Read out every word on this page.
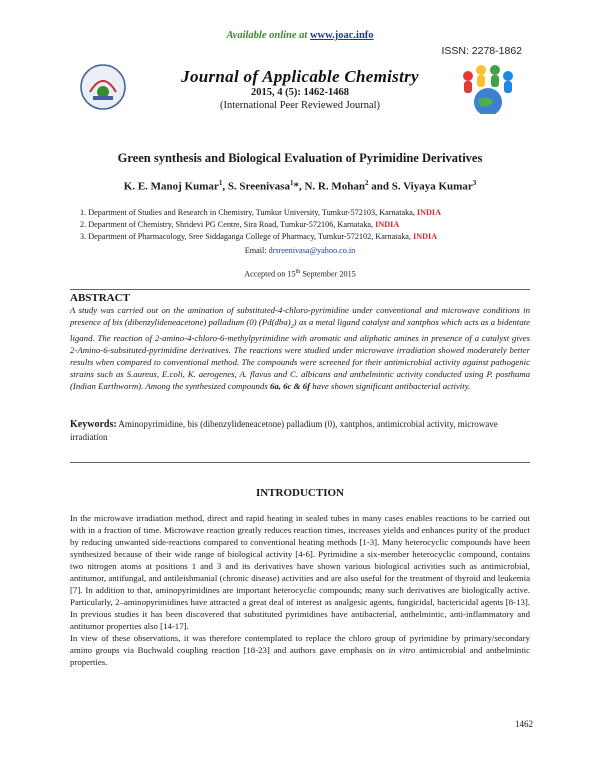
Available online at www.joac.info
ISSN: 2278-1862
Journal of Applicable Chemistry
2015, 4 (5): 1462-1468
(International Peer Reviewed Journal)
Green synthesis and Biological Evaluation of Pyrimidine Derivatives
K. E. Manoj Kumar$^1$, S. Sreenivasa$^1$*, N. R. Mohan$^2$ and S. Viyaya Kumar$^3$
1. Department of Studies and Research in Chemistry, Tumkur University, Tumkur-572103, Karnataka, INDIA
2. Department of Chemistry, Shridevi PG Centre, Sira Road, Tumkur-572106, Karnataka, INDIA
3. Department of Pharmacology, Sree Siddaganga College of Pharmacy, Tumkur-572102, Karnataka, INDIA
Email: drsreenivasa@yahoo.co.in
Accepted on 15th September 2015
ABSTRACT
A study was carried out on the amination of substituted-4-chloro-pyrimidine under conventional and microwave conditions in presence of bis (dibenzylideneacetone) palladium (0) $(Pd(dba)_2)$ as a metal ligand catalyst and xantphos which acts as a bidentate ligand. The reaction of 2-amino-4-chloro-6-methylpyrimidine with aromatic and aliphatic amines in presence of a catalyst gives 2-Amino-6-subsituted-pyrimidine derivatives. The reactions were studied under microwave irradiation showed moderately better results when compared to conventional method. The compounds were screened for their antimicrobial activity against pathogenic strains such as S.aureus, E.coli, K. aerogenes, A. flavus and C. albicans and anthelmintic activity conducted using P. posthuma (Indian Earthworm). Among the synthesized compounds 6a, 6c & 6f have shown significant antibacterial activity.
Keywords: Aminopyrimidine, bis (dibenzylideneacetone) palladium (0), xantphos, antimicrobial activity, microwave irradiation
INTRODUCTION
In the microwave irradiation method, direct and rapid heating in sealed tubes in many cases enables reactions to be carried out with in a fraction of time. Microwave reaction greatly reduces reaction times, increases yields and enhances purity of the product by reducing unwanted side-reactions compared to conventional heating methods [1-3]. Many heterocyclic compounds have been synthesized because of their wide range of biological activity [4-6]. Pyrimidine a six-member heterocyclic compound, contains two nitrogen atoms at positions 1 and 3 and its derivatives have shown various biological activities such as antimicrobial, antitumor, antifungal, and antileishmanial (chronic disease) activities and are also useful for the treatment of thyroid and leukemia [7]. In addition to that, aminopyrimidines are important heterocyclic compounds; many such derivatives are biologically active. Particularly, 2–aminopyrimidines have attracted a great deal of interest as analgesic agents, fungicidal, bactericidal agents [8-13]. In previous studies it has been discovered that substituted pyrimidines have antibacterial, anthelmintic, anti-inflammatory and antitumor properties also [14-17].
In view of these observations, it was therefore contemplated to replace the chloro group of pyrimidine by primary/secondary amino groups via Buchwald coupling reaction [18-23] and authors gave emphasis on in vitro antimicrobial and anthelmintic properties.
1462
